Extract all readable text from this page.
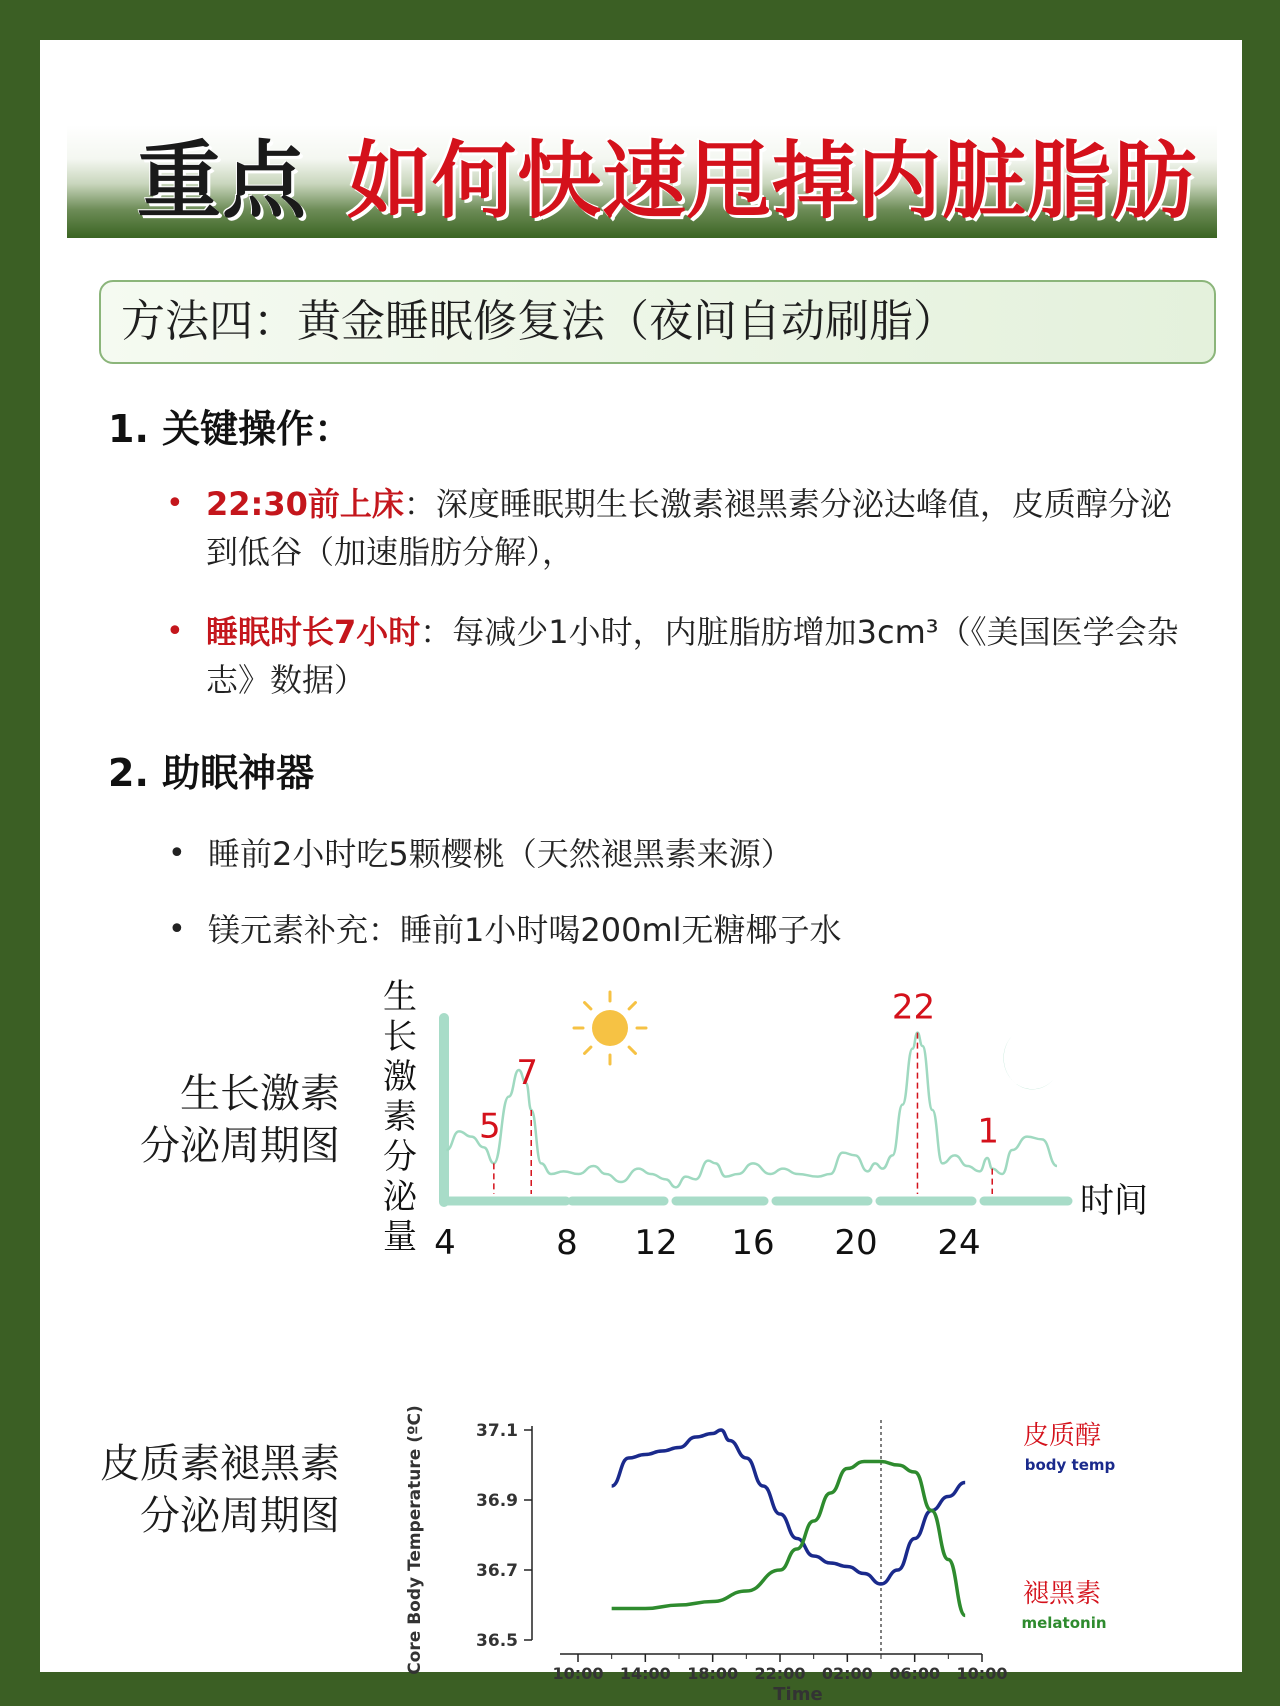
重点 如何快速甩掉内脏脂肪
方法四：黄金睡眠修复法（夜间自动刷脂）
1. 关键操作：
• 22:30前上床：深度睡眠期生长激素褪黑素分泌达峰值，皮质醇分泌到低谷（加速脂肪分解），
• 睡眠时长7小时：每减少1小时，内脏脂肪增加3cm³（《美国医学会杂志》数据）
2. 助眠神器
• 睡前2小时吃5颗樱桃（天然褪黑素来源）
• 镁元素补充：睡前1小时喝200ml无糖椰子水
生长激素
分泌周期图
皮质素褪黑素
分泌周期图
生
长
激
素
分
泌
量
时间
4	8 12 16 20 24
5
7
22
1
37.1
36.9
36.7
36.5
Core Body Temperature (ºC)	10:00 14:00 18:00 22:00 02:00 06:00 10:00
Time
皮质醇
body temp
褪黑素
melatonin
